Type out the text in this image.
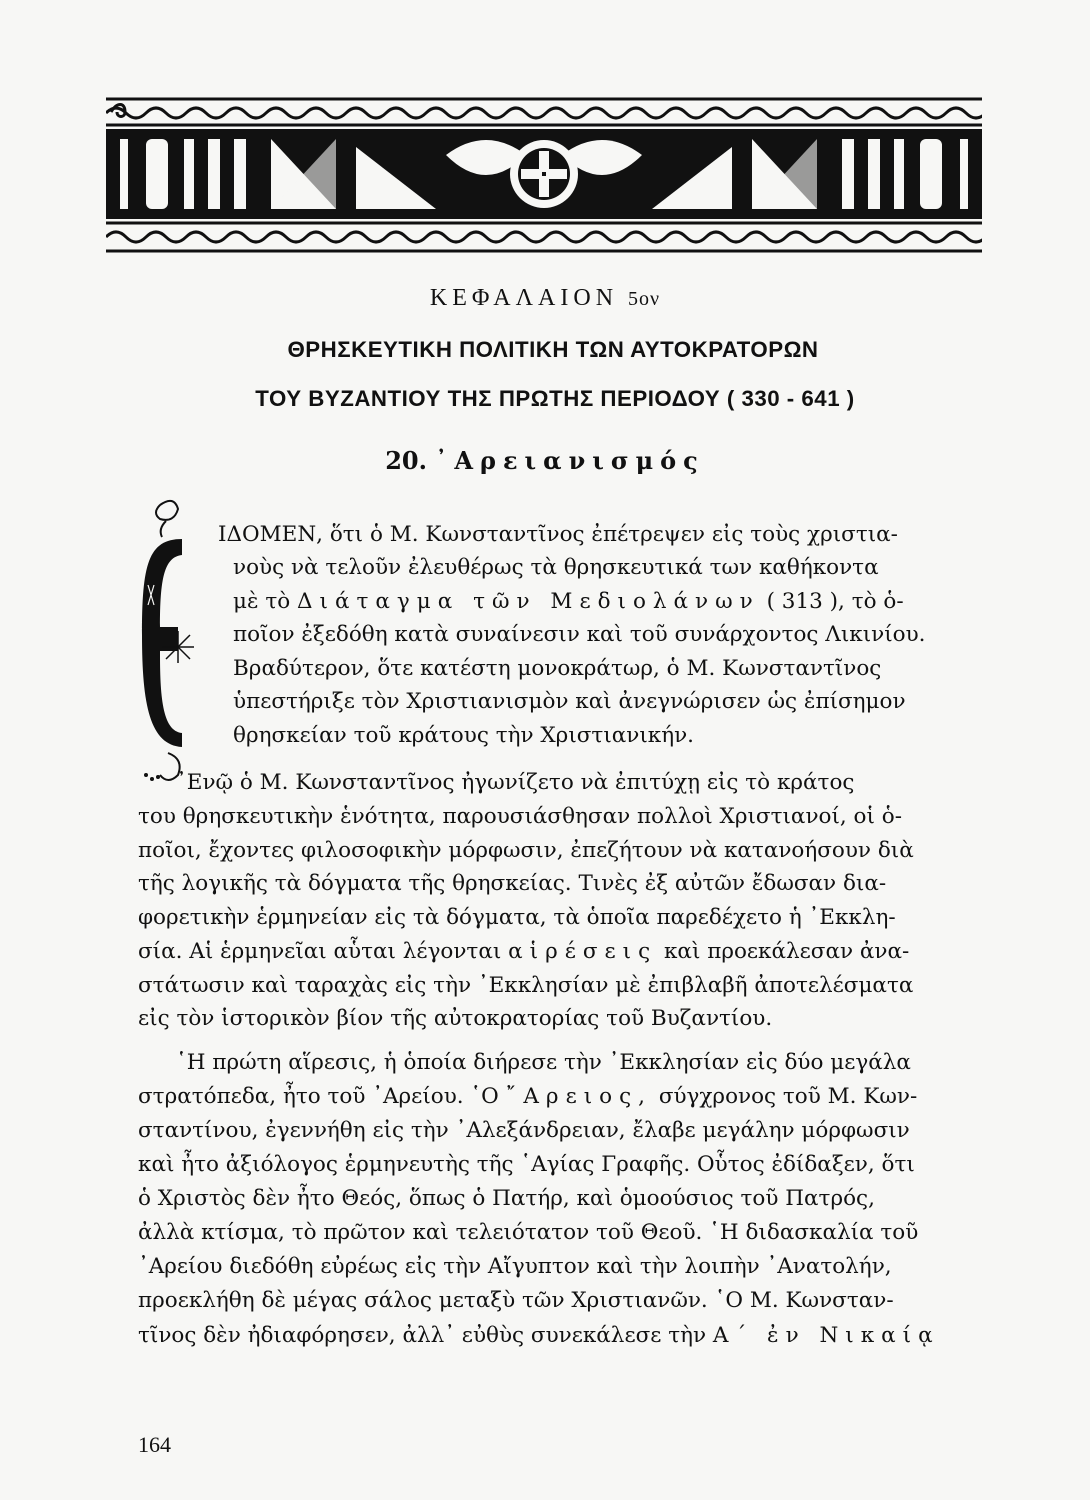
ΚΕΦΑΛΑΙΟΝ 5ον
ΘΡΗΣΚΕΥΤΙΚΗ ΠΟΛΙΤΙΚΗ ΤΩΝ ΑΥΤΟΚΡΑΤΟΡΩΝ
ΤΟΥ ΒΥΖΑΝΤΙΟΥ ΤΗΣ ΠΡΩΤΗΣ ΠΕΡΙΟΔΟΥ ( 330 - 641 )
20. ᾿Αρειανισμός
ΙΔΟΜΕΝ, ὅτι ὁ Μ. Κωνσταντῖνος ἐπέτρεψεν εἰς τοὺς χριστια-
νοὺς νὰ τελοῦν ἐλευθέρως τὰ θρησκευτικά των καθήκοντα
μὲ τὸ Διάταγμα τῶν Μεδιολάνων ( 313 ), τὸ ὁ-
ποῖον ἐξεδόθη κατὰ συναίνεσιν καὶ τοῦ συνάρχοντος Λικινίου.
Βραδύτερον, ὅτε κατέστη μονοκράτωρ, ὁ Μ. Κωνσταντῖνος
ὑπεστήριξε τὸν Χριστιανισμὸν καὶ ἀνεγνώρισεν ὡς ἐπίσημον
θρησκείαν τοῦ κράτους τὴν Χριστιανικήν.
᾿Ενῷ ὁ Μ. Κωνσταντῖνος ἠγωνίζετο νὰ ἐπιτύχῃ εἰς τὸ κράτος
του θρησκευτικὴν ἑνότητα, παρουσιάσθησαν πολλοὶ Χριστιανοί, οἱ ὁ-
ποῖοι, ἔχοντες φιλοσοφικὴν μόρφωσιν, ἐπεζήτουν νὰ κατανοήσουν διὰ
τῆς λογικῆς τὰ δόγματα τῆς θρησκείας. Τινὲς ἐξ αὐτῶν ἔδωσαν δια-
φορετικὴν ἑρμηνείαν εἰς τὰ δόγματα, τὰ ὁποῖα παρεδέχετο ἡ ᾿Εκκλη-
σία. Αἱ ἑρμηνεῖαι αὗται λέγονται αἱρέσεις καὶ προεκάλεσαν ἀνα-
στάτωσιν καὶ ταραχὰς εἰς τὴν ᾿Εκκλησίαν μὲ ἐπιβλαβῆ ἀποτελέσματα
εἰς τὸν ἱστορικὸν βίον τῆς αὐτοκρατορίας τοῦ Βυζαντίου.
῾Η πρώτη αἵρεσις, ἡ ὁποία διήρεσε τὴν ᾿Εκκλησίαν εἰς δύο μεγάλα
στρατόπεδα, ἦτο τοῦ ᾿Αρείου. ῾Ο ῎Αρειος, σύγχρονος τοῦ Μ. Κων-
σταντίνου, ἐγεννήθη εἰς τὴν ᾿Αλεξάνδρειαν, ἔλαβε μεγάλην μόρφωσιν
καὶ ἦτο ἀξιόλογος ἑρμηνευτὴς τῆς ῾Αγίας Γραφῆς. Οὗτος ἐδίδαξεν, ὅτι
ὁ Χριστὸς δὲν ἦτο Θεός, ὅπως ὁ Πατήρ, καὶ ὁμοούσιος τοῦ Πατρός,
ἀλλὰ κτίσμα, τὸ πρῶτον καὶ τελειότατον τοῦ Θεοῦ. ῾Η διδασκαλία τοῦ
᾿Αρείου διεδόθη εὐρέως εἰς τὴν Αἴγυπτον καὶ τὴν λοιπὴν ᾿Ανατολήν,
προεκλήθη δὲ μέγας σάλος μεταξὺ τῶν Χριστιανῶν. ῾Ο Μ. Κωνσταν-
τῖνος δὲν ἠδιαφόρησεν, ἀλλ᾿ εὐθὺς συνεκάλεσε τὴν Α΄ ἐν Νικαίᾳ
164
